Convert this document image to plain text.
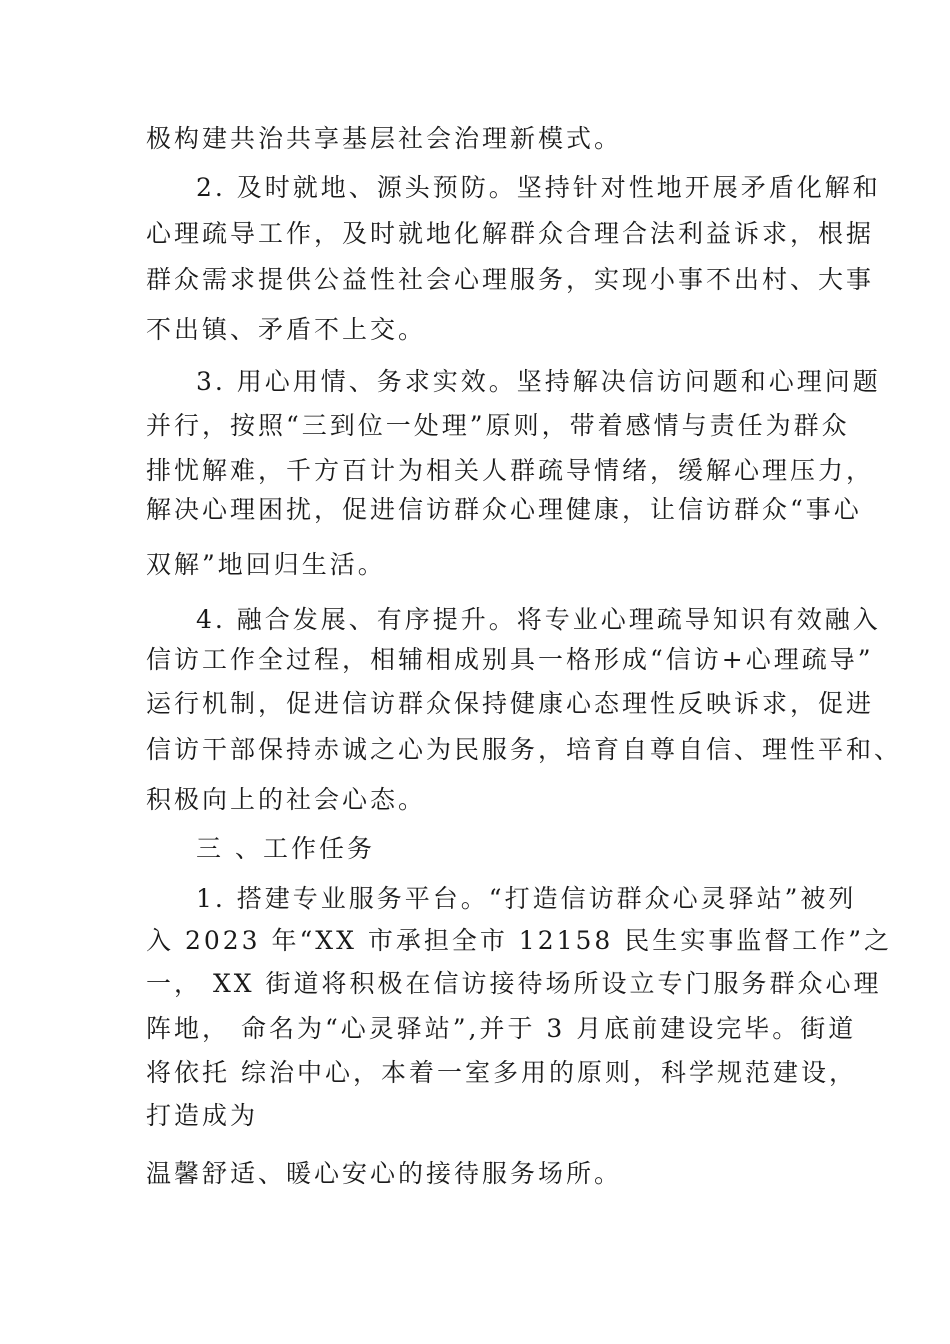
极构建共治共享基层社会治理新模式。
2. 及时就地、源头预防。坚持针对性地开展矛盾化解和
心理疏导工作，及时就地化解群众合理合法利益诉求，根据
群众需求提供公益性社会心理服务，实现小事不出村、大事
不出镇、矛盾不上交。
3. 用心用情、务求实效。坚持解决信访问题和心理问题
并行，按照“三到位一处理”原则，带着感情与责任为群众
排忧解难，千方百计为相关人群疏导情绪，缓解心理压力，
解决心理困扰，促进信访群众心理健康，让信访群众“事心
双解”地回归生活。
4. 融合发展、有序提升。将专业心理疏导知识有效融入
信访工作全过程，相辅相成别具一格形成“信访+心理疏导”
运行机制，促进信访群众保持健康心态理性反映诉求，促进
信访干部保持赤诚之心为民服务，培育自尊自信、理性平和、
积极向上的社会心态。
三 、工作任务
1. 搭建专业服务平台。“打造信访群众心灵驿站”被列
入 2023 年“XX 市承担全市 12158 民生实事监督工作”之
一， XX 街道将积极在信访接待场所设立专门服务群众心理
阵地， 命名为“心灵驿站”,并于 3 月底前建设完毕。街道
将依托 综治中心，本着一室多用的原则，科学规范建设，
打造成为
温馨舒适、暖心安心的接待服务场所。
